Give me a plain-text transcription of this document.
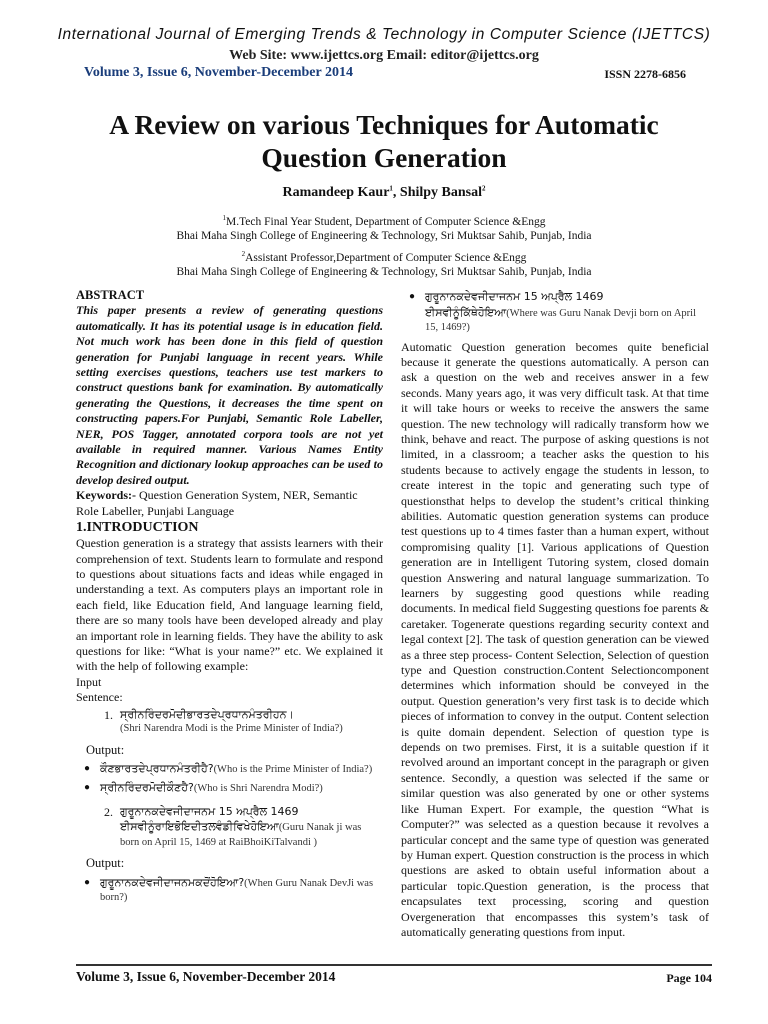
International Journal of Emerging Trends & Technology in Computer Science (IJETTCS)
Web Site: www.ijettcs.org Email: editor@ijettcs.org
Volume 3, Issue 6, November-December 2014	ISSN 2278-6856
A Review on various Techniques for Automatic Question Generation
Ramandeep Kaur$^1$, Shilpy Bansal$^2$
$^1$M.Tech Final Year Student, Department of Computer Science &Engg
Bhai Maha Singh College of Engineering & Technology, Sri Muktsar Sahib, Punjab, India
$^2$Assistant Professor,Department of Computer Science &Engg
Bhai Maha Singh College of Engineering & Technology, Sri Muktsar Sahib, Punjab, India
ABSTRACT

This paper presents a review of generating questions automatically. It has its potential usage is in education field. Not much work has been done in this field of question generation for Punjabi language in recent years. While setting exercises questions, teachers use test markers to construct questions bank for examination. By automatically generating the Questions, it decreases the time spent on constructing papers.For Punjabi, Semantic Role Labeller, NER, POS Tagger, annotated corpora tools are not yet available in required manner. Various Names Entity Recognition and dictionary lookup approaches can be used to develop desired output.

Keywords:- Question Generation System, NER, Semantic Role Labeller, Punjabi Language

1.INTRODUCTION

Question generation is a strategy that assists learners with their comprehension of text. Students learn to formulate and respond to questions about situations facts and ideas while engaged in understanding a text. As computers plays an important role in each field, like Education field, And language learning field, there are so many tools have been developed already and play an important role in learning fields. They have the ability to ask questions for like: “What is your name?” etc. We explained it with the help of following example:

Input
Sentence:
1. ਸ੍ਰੀਨਰਿੰਦਰਮੋਦੀਭਾਰਤਦੇਪ੍ਰਧਾਨਮੰਤਰੀਹਨ।
(Shri Narendra Modi is the Prime Minister of India?)
Output:
● ਕੌਣਭਾਰਤਦੇਪ੍ਰਧਾਨਮੰਤਰੀਹੈ?(Who is the Prime Minister of India?)
● ਸ੍ਰੀਨਰਿੰਦਰਮੋਦੀਕੌਣਹੈ?(Who is Shri Narendra Modi?)
2. ਗੁਰੂਨਾਨਕਦੇਵਜੀਦਾਜਨਮ 15 ਅਪ੍ਰੈਲ 1469 ਈਸਵੀਨੂੰਰਾਇਭੋਇਦੀਤਲਵੰਡੀਵਿਖੇਹੋਇਆ(Guru Nanak ji was born on April 15, 1469 at RaiBhoiKiTalvandi )
Output:
● ਗੁਰੂਨਾਨਕਦੇਵਜੀਦਾਜਨਮਕਦੋਂਹੋਇਆ?(When Guru Nanak DevJi was born?)
● ਗੁਰੂਨਾਨਕਦੇਵਜੀਦਾਜਨਮ 15 ਅਪ੍ਰੈਲ 1469 ਈਸਵੀਨੂੰਕਿੱਥੇਹੋਇਆ(Where was Guru Nanak Devji born on April 15, 1469?)

Automatic Question generation becomes quite beneficial because it generate the questions automatically. A person can ask a question on the web and receives answer in a few seconds. Many years ago, it was very difficult task. At that time it will take hours or weeks to receive the answers the same question. The new technology will radically transform how we think, behave and react. The purpose of asking questions is not limited, in a classroom; a teacher asks the question to his students because to actively engage the students in lesson, to create interest in the topic and generating such type of questionsthat helps to develop the student’s critical thinking abilities. Automatic question generation systems can produce test questions up to 4 times faster than a human expert, without compromising quality [1]. Various applications of Question generation are in Intelligent Tutoring system, closed domain question Answering and natural language summarization. To learners by suggesting good questions while reading documents. In medical field Suggesting questions foe parents & caretaker. Togenerate questions regarding security context and legal context [2]. The task of question generation can be viewed as a three step process- Content Selection, Selection of question type and Question construction.Content Selectioncomponent determines which information should be conveyed in the output. Question generation’s very first task is to decide which pieces of information to convey in the output. Content selection is quite domain dependent. Selection of question type is depends on two premises. First, it is a suitable question if it revolved around an important concept in the paragraph or given sentence. Secondly, a question was selected if the same or similar question was also generated by one or other systems like Human Expert. For example, the question “What is Computer?” was selected as a question because it revolves a particular concept and the same type of question was generated by Human expert. Question construction is the process in which questions are asked to obtain useful information about a particular topic.Question generation, is the process that encapsulates text processing, scoring and question Overgeneration that encompasses this system’s task of automatically generating questions from input.

Volume 3, Issue 6, November-December 2014	Page 104
